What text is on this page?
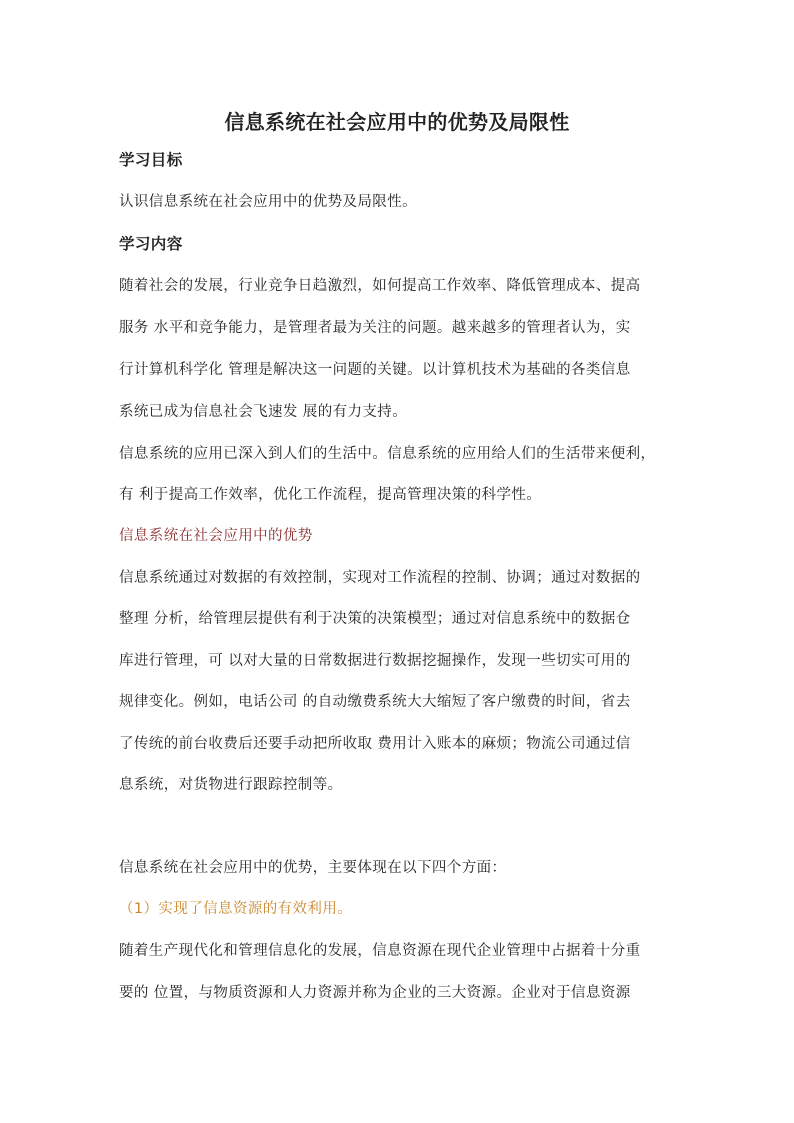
信息系统在社会应用中的优势及局限性
学习目标
认识信息系统在社会应用中的优势及局限性。
学习内容
随着社会的发展，行业竞争日趋激烈，如何提高工作效率、降低管理成本、提高
服务 水平和竞争能力，是管理者最为关注的问题。越来越多的管理者认为，实
行计算机科学化 管理是解决这一问题的关键。以计算机技术为基础的各类信息
系统已成为信息社会飞速发 展的有力支持。
信息系统的应用已深入到人们的生活中。信息系统的应用给人们的生活带来便利，
有 利于提高工作效率，优化工作流程，提高管理决策的科学性。
信息系统在社会应用中的优势
信息系统通过对数据的有效控制，实现对工作流程的控制、协调；通过对数据的
整理 分析，给管理层提供有利于决策的决策模型；通过对信息系统中的数据仓
库进行管理，可 以对大量的日常数据进行数据挖掘操作，发现一些切实可用的
规律变化。例如，电话公司 的自动缴费系统大大缩短了客户缴费的时间，省去
了传统的前台收费后还要手动把所收取 费用计入账本的麻烦；物流公司通过信
息系统，对货物进行跟踪控制等。
信息系统在社会应用中的优势，主要体现在以下四个方面：
（1）实现了信息资源的有效利用。
随着生产现代化和管理信息化的发展，信息资源在现代企业管理中占据着十分重
要的 位置，与物质资源和人力资源并称为企业的三大资源。企业对于信息资源
